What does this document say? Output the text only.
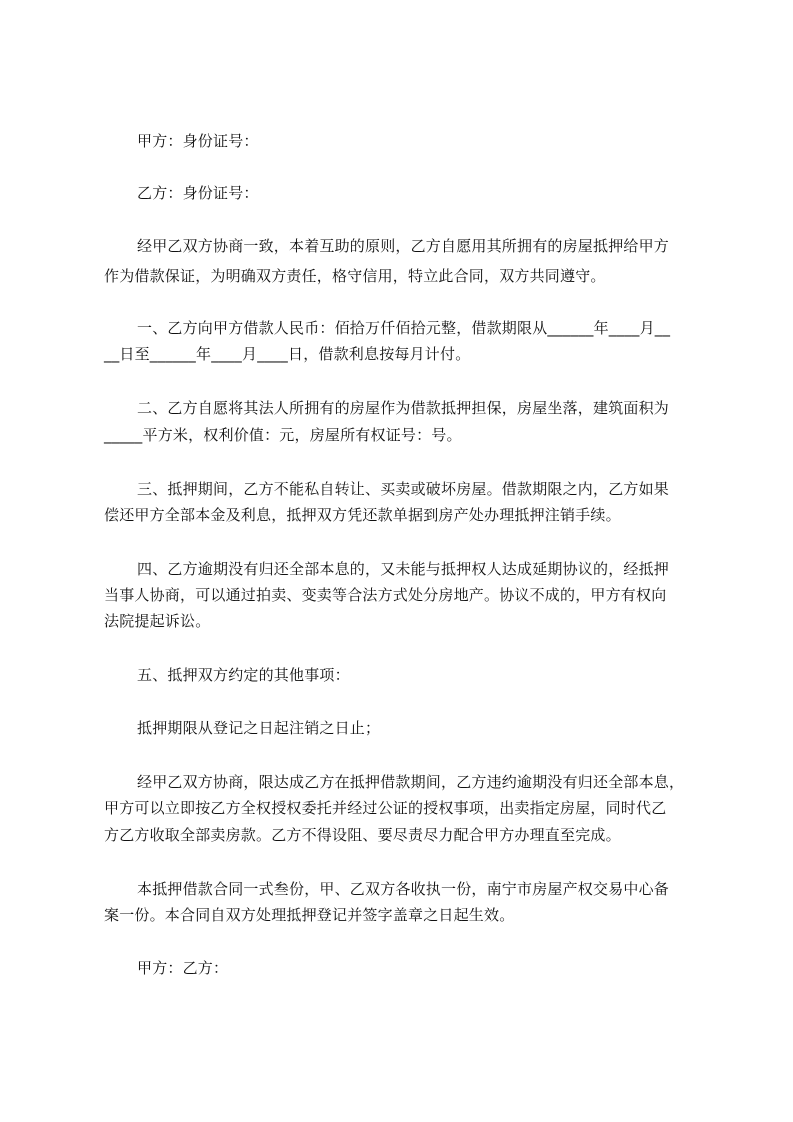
甲方：身份证号：
乙方：身份证号：
经甲乙双方协商一致，本着互助的原则，乙方自愿用其所拥有的房屋抵押给甲方
作为借款保证，为明确双方责任，格守信用，特立此合同，双方共同遵守。
一、乙方向甲方借款人民币：佰拾万仟佰拾元整，借款期限从______年____月__
__日至______年____月____日，借款利息按每月计付。
二、乙方自愿将其法人所拥有的房屋作为借款抵押担保，房屋坐落，建筑面积为
_____平方米，权利价值：元，房屋所有权证号：号。
三、抵押期间，乙方不能私自转让、买卖或破坏房屋。借款期限之内，乙方如果
偿还甲方全部本金及利息，抵押双方凭还款单据到房产处办理抵押注销手续。
四、乙方逾期没有归还全部本息的，又未能与抵押权人达成延期协议的，经抵押
当事人协商，可以通过拍卖、变卖等合法方式处分房地产。协议不成的，甲方有权向
法院提起诉讼。
五、抵押双方约定的其他事项：
抵押期限从登记之日起注销之日止；
经甲乙双方协商，限达成乙方在抵押借款期间，乙方违约逾期没有归还全部本息，
甲方可以立即按乙方全权授权委托并经过公证的授权事项，出卖指定房屋，同时代乙
方乙方收取全部卖房款。乙方不得设阻、要尽责尽力配合甲方办理直至完成。
本抵押借款合同一式叁份，甲、乙双方各收执一份，南宁市房屋产权交易中心备
案一份。本合同自双方处理抵押登记并签字盖章之日起生效。
甲方：乙方：
